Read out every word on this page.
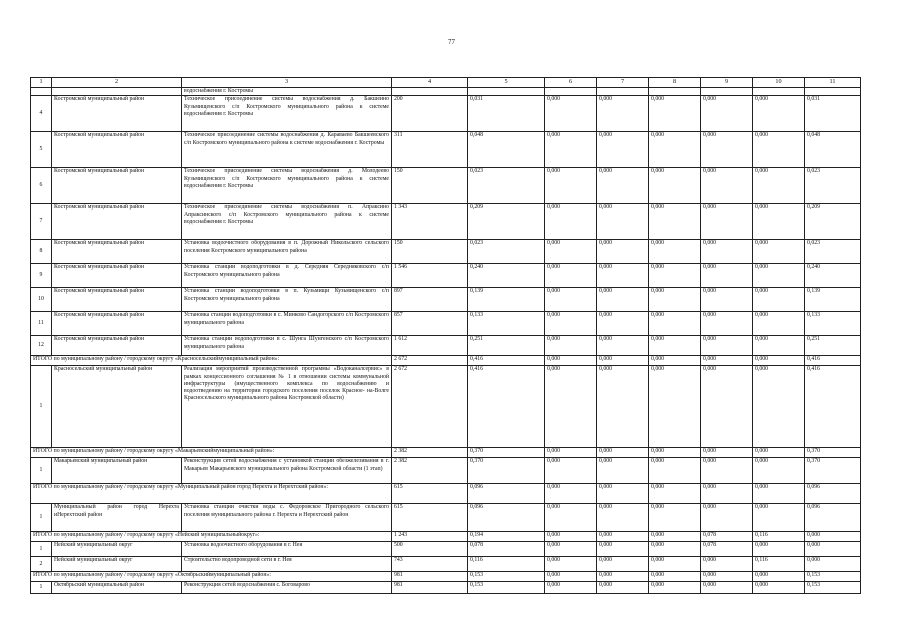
77
1	2	3	4	5	6	7	8	9	10	11
		водоснабжения г. Костромы								
4	Костромской муниципальный район	Техническое присоединение системы водоснабжения д. Бакшеино Кузьмищенского с/п Костромского муниципального района к системе водоснабжения г. Костромы	200	0,031	0,000	0,000	0,000	0,000	0,000	0,031
5	Костромской муниципальный район	Техническое присоединение системы водоснабжения д. Караваево Бакшеевского с/п Костромского муниципального района к системе водоснабжения г. Костромы	311	0,048	0,000	0,000	0,000	0,000	0,000	0,048
6	Костромской муниципальный район	Техническое присоединение системы водоснабжения д. Молодеево Кузьмищенского с/п Костромского муниципального района к системе водоснабжения г. Костромы	150	0,023	0,000	0,000	0,000	0,000	0,000	0,023
7	Костромской муниципальный район	Техническое присоединение системы водоснабжения п. Апраксино Апраксинского с/п Костромского муниципального района к системе водоснабжения г. Костромы	1 343	0,209	0,000	0,000	0,000	0,000	0,000	0,209
8	Костромской муниципальный район	Установка водоочистного оборудования в п. Дорожный Никольского сельского поселения Костромского муниципального района	150	0,023	0,000	0,000	0,000	0,000	0,000	0,023
9	Костромской муниципальный район	Установка станции водоподготовки в д. Середняя Середняковского с/п Костромского муниципального района	1 546	0,240	0,000	0,000	0,000	0,000	0,000	0,240
10	Костромской муниципальный район	Установка станции водоподготовки в п. Кузьмищи Кузьмищенского с/п Костромского муниципального района	897	0,139	0,000	0,000	0,000	0,000	0,000	0,139
11	Костромской муниципальный район	Установка станции водоподготовки в с. Минково Сандогорского с/п Костромского муниципального района	857	0,133	0,000	0,000	0,000	0,000	0,000	0,133
12	Костромской муниципальный район	Установка станции водоподготовки в с. Шунга Шунгенского с/п Костромского муниципального района	1 612	0,251	0,000	0,000	0,000	0,000	0,000	0,251
ИТОГО по муниципальному району / городскому округу «Красносельскиймуниципальный район»:			2 672	0,416	0,000	0,000	0,000	0,000	0,000	0,416
1	Красносельский муниципальный район	Реализация мероприятий производственной программы «Водоканалсервис» в рамках концессионного соглашения № 1 в отношении системы коммунальной инфраструктуры (имущественного комплекса по водоснабжению и водоотведению на территории городского поселения поселок Красное- на-Волге Красносельского муниципального района Костромской области)	2 672	0,416	0,000	0,000	0,000	0,000	0,000	0,416
ИТОГО по муниципальному району / городскому округу «Макарьевскиймуниципальный район»:			2 382	0,370	0,000	0,000	0,000	0,000	0,000	0,370
1	Макарьевский муниципальный район	Реконструкция сетей водоснабжения с установкой станции обезжелезивания в г. Макарьев Макарьевского муниципального района Костромской области (1 этап)	2 382	0,370	0,000	0,000	0,000	0,000	0,000	0,370
ИТОГО по муниципальному району / городскому округу «Муниципальный район город Нерехта и Нерехтский район»:			615	0,096	0,000	0,000	0,000	0,000	0,000	0,096
1	Муниципальный район город Нерехта иНерехтский район	Установка станции очистки воды с. Федоровское Пригородного сельского поселения муниципального района г. Нерехта и Нерехтский район	615	0,096	0,000	0,000	0,000	0,000	0,000	0,096
ИТОГО по муниципальному району / городскому округу «Нейский муниципальныйокруг»:			1 243	0,194	0,000	0,000	0,000	0,078	0,116	0,000
1	Нейский муниципальный округ	Установка водоочистного оборудования в г. Нея	500	0,078	0,000	0,000	0,000	0,078	0,000	0,000
2	Нейский муниципальный округ	Строительство водопроводной сети в г. Нея	743	0,116	0,000	0,000	0,000	0,000	0,116	0,000
ИТОГО по муниципальному району / городскому округу «Октябрьскиймуниципальный район»:			981	0,153	0,000	0,000	0,000	0,000	0,000	0,153
1	Октябрьский муниципальный район	Реконструкция сетей водоснабжения с. Боговарово	981	0,153	0,000	0,000	0,000	0,000	0,000	0,153
